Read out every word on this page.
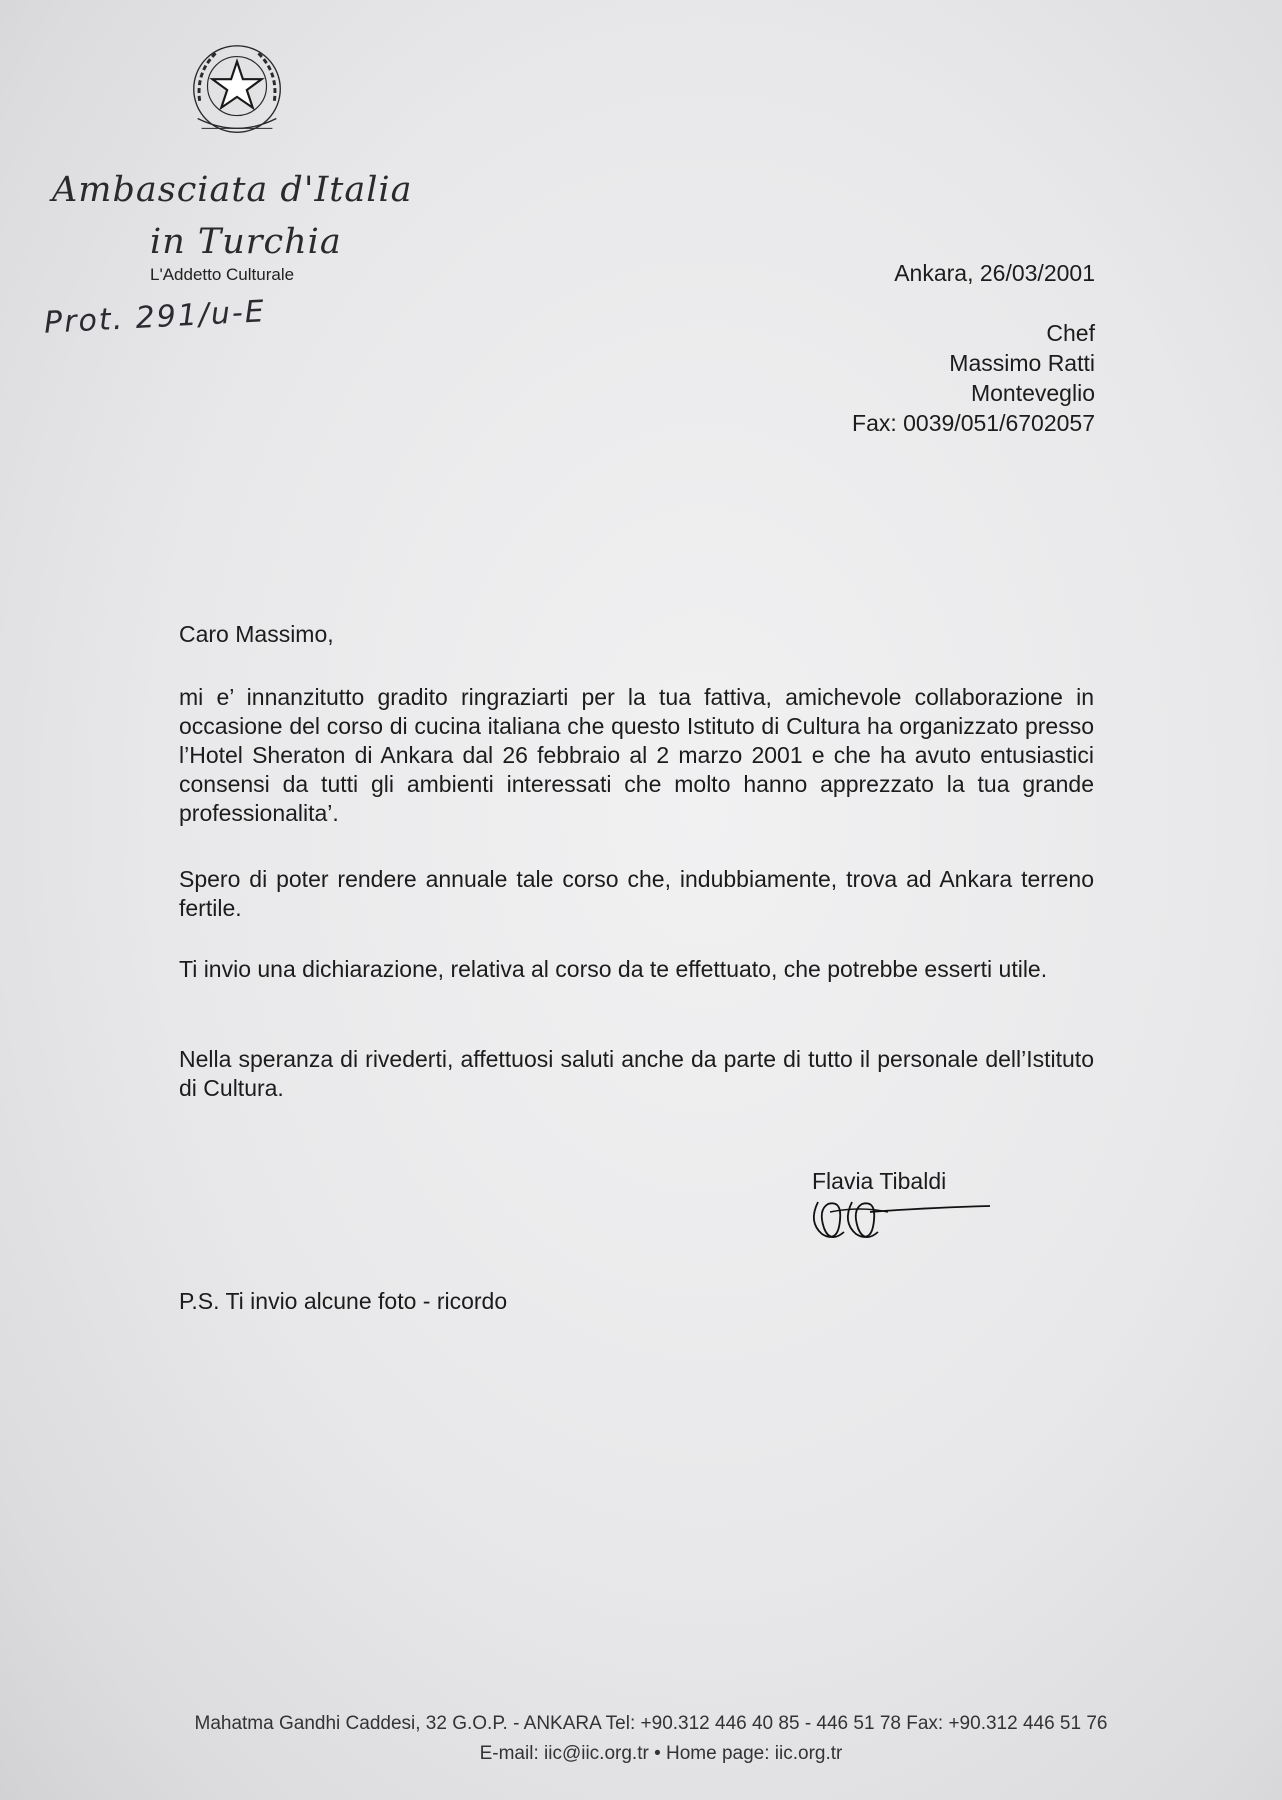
Ambasciata d'Italia
in Turchia
L'Addetto Culturale
Prot. 291/u-E
Ankara, 26/03/2001
Chef
Massimo Ratti
Monteveglio
Fax: 0039/051/6702057
Caro Massimo,
mi e’ innanzitutto gradito ringraziarti per la tua fattiva, amichevole collaborazione in occasione del corso di cucina italiana che questo Istituto di Cultura ha organizzato presso l’Hotel Sheraton di Ankara dal 26 febbraio al 2 marzo 2001 e che ha avuto entusiastici consensi da tutti gli ambienti interessati che molto hanno apprezzato la tua grande professionalita’.
Spero di poter rendere annuale tale corso che, indubbiamente, trova ad Ankara terreno fertile.
Ti invio una dichiarazione, relativa al corso da te effettuato, che potrebbe esserti utile.
Nella speranza di rivederti, affettuosi saluti anche da parte di tutto il personale dell’Istituto di Cultura.
Flavia Tibaldi
P.S. Ti invio alcune foto - ricordo
Mahatma Gandhi Caddesi, 32 G.O.P. - ANKARA Tel: +90.312 446 40 85 - 446 51 78 Fax: +90.312 446 51 76
E-mail: iic@iic.org.tr • Home page: iic.org.tr
